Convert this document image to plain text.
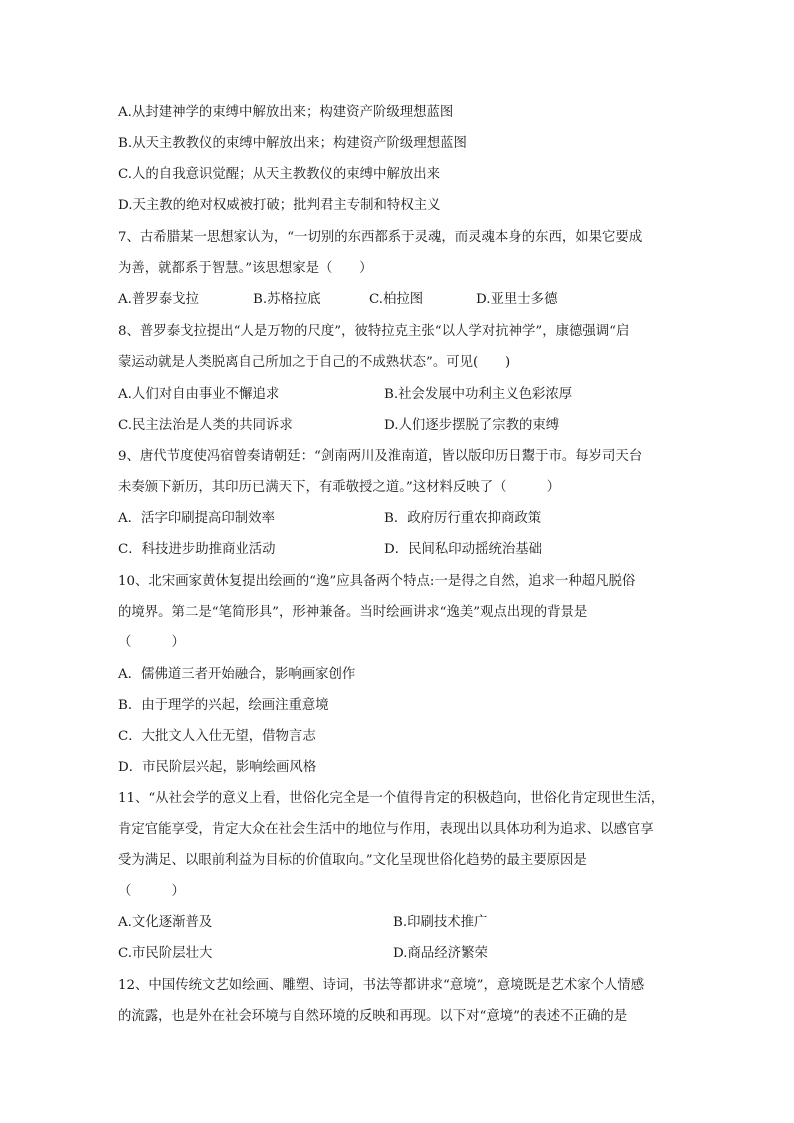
A.从封建神学的束缚中解放出来；构建资产阶级理想蓝图
B.从天主教教仪的束缚中解放出来；构建资产阶级理想蓝图
C.人的自我意识觉醒；从天主教教仪的束缚中解放出来
D.天主教的绝对权威被打破；批判君主专制和特权主义
7、古希腊某一思想家认为，“一切别的东西都系于灵魂，而灵魂本身的东西，如果它要成
为善，就都系于智慧。”该思想家是（　　）
A.普罗泰戈拉	B.苏格拉底	C.柏拉图	D.亚里士多德
8、普罗泰戈拉提出“人是万物的尺度”，彼特拉克主张“以人学对抗神学”，康德强调“启
蒙运动就是人类脱离自己所加之于自己的不成熟状态”。可见(　　)
A.人们对自由事业不懈追求	B.社会发展中功利主义色彩浓厚
C.民主法治是人类的共同诉求	D.人们逐步摆脱了宗教的束缚
9、唐代节度使冯宿曾奏请朝廷：“剑南两川及淮南道，皆以版印历日鬻于市。每岁司天台
未奏颁下新历，其印历已满天下，有乖敬授之道。”这材料反映了（　　　）
A．活字印刷提高印制效率	B．政府厉行重农抑商政策
C．科技进步助推商业活动	D．民间私印动摇统治基础
10、北宋画家黄休复提出绘画的“逸”应具备两个特点:一是得之自然，追求一种超凡脱俗
的境界。第二是“笔简形具”，形神兼备。当时绘画讲求“逸美”观点出现的背景是
（　　　）
A．儒佛道三者开始融合，影响画家创作
B．由于理学的兴起，绘画注重意境
C．大批文人入仕无望，借物言志
D．市民阶层兴起，影响绘画风格
11、“从社会学的意义上看，世俗化完全是一个值得肯定的积极趋向，世俗化肯定现世生活，
肯定官能享受，肯定大众在社会生活中的地位与作用，表现出以具体功利为追求、以感官享
受为满足、以眼前利益为目标的价值取向。”文化呈现世俗化趋势的最主要原因是
（　　　）
A.文化逐渐普及	B.印刷技术推广
C.市民阶层壮大	D.商品经济繁荣
12、中国传统文艺如绘画、雕塑、诗词，书法等都讲求“意境”，意境既是艺术家个人情感
的流露，也是外在社会环境与自然环境的反映和再现。以下对“意境”的表述不正确的是
